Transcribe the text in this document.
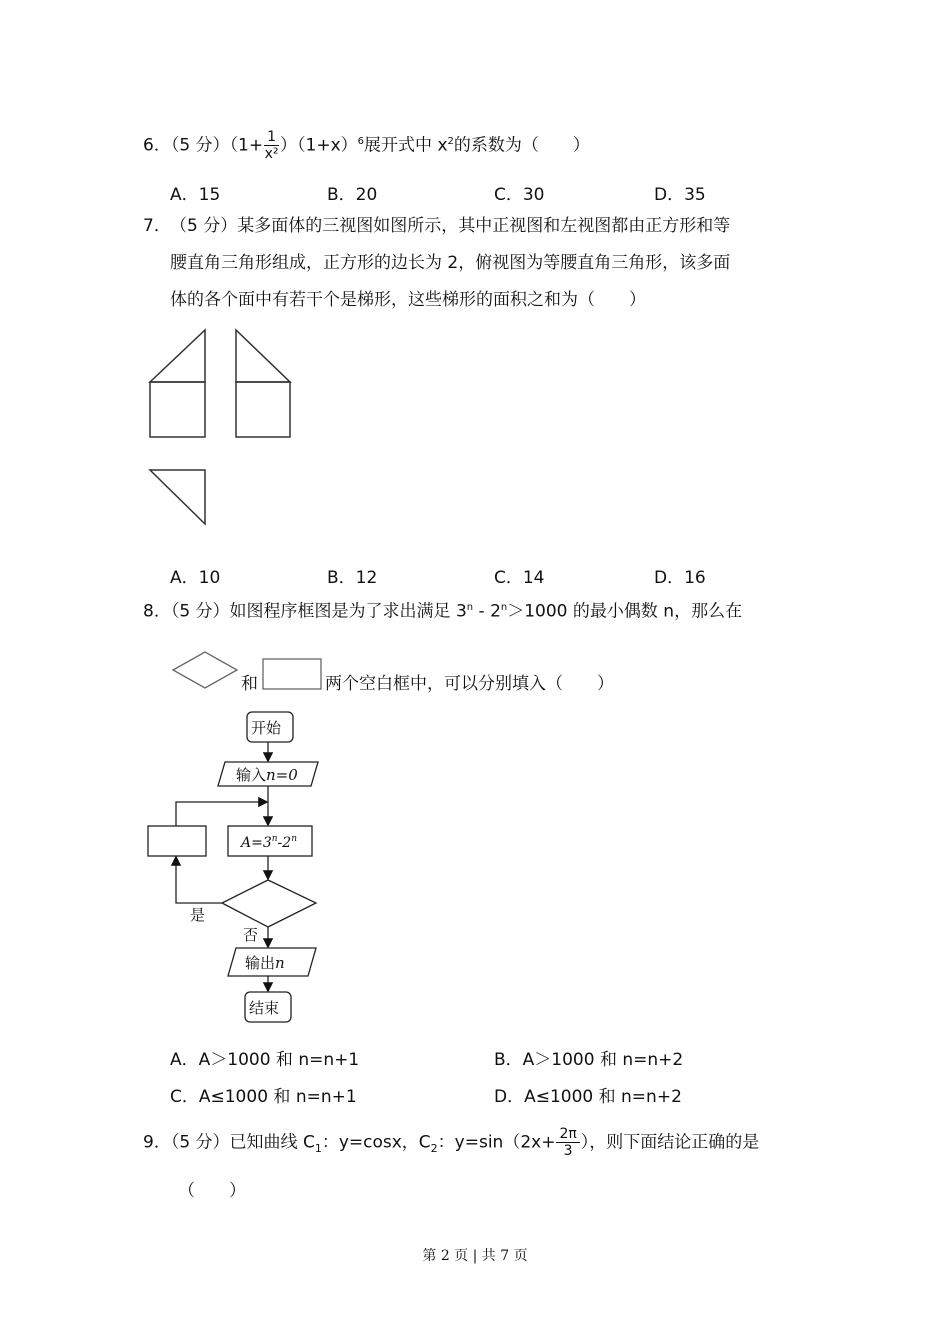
6．（5 分）$(1+ \frac{1}{\text{x²}} )(1+x)^6$展开式中 $x^2$的系数为（　　）
A．15	B．20	C．30	D．35
7． （5 分）某多面体的三视图如图所示，其中正视图和左视图都由正方形和等
腰直角三角形组成，正方形的边长为 2，俯视图为等腰直角三角形，该多面
体的各个面中有若干个是梯形，这些梯形的面积之和为（　　）
A．10	B．12	C．14	D．16
8．（5 分）如图程序框图是为了求出满足 $3^n - 2^n>1000$ 的最小偶数 n，那么在
和	两个空白框中，可以分别填入（　　）
A．A＞1000 和 n=n+1	B．A＞1000 和 n=n+2
C．A≤1000 和 n=n+1	D．A≤1000 和 n=n+2
9．（5 分）已知曲线 $C_1$：y=cosx，$C_2$：$y=\sin(2x+ \frac{2\pi}{3}$ ），则下面结论正确的是
（　　）
开始
输入n=0
$A=3^n-2^n$
是
否
输出n
结束
第 2 页 | 共 7 页
